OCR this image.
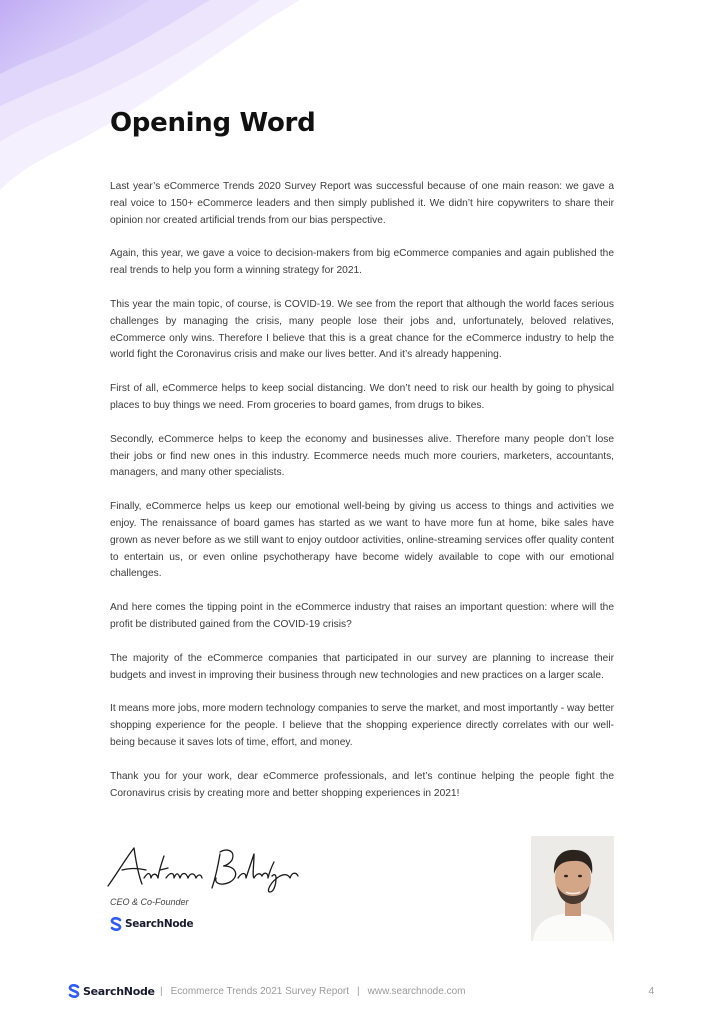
Opening Word

Last year’s eCommerce Trends 2020 Survey Report was successful because of one main reason: we gave a real voice to 150+ eCommerce leaders and then simply published it. We didn’t hire copywriters to share their opinion nor created artificial trends from our bias perspective.

Again, this year, we gave a voice to decision-makers from big eCommerce companies and again published the real trends to help you form a winning strategy for 2021.

This year the main topic, of course, is COVID-19. We see from the report that although the world faces serious challenges by managing the crisis, many people lose their jobs and, unfortunately, beloved relatives, eCommerce only wins. Therefore I believe that this is a great chance for the eCommerce industry to help the world fight the Coronavirus crisis and make our lives better. And it’s already happening.

First of all, eCommerce helps to keep social distancing. We don’t need to risk our health by going to physical places to buy things we need. From groceries to board games, from drugs to bikes.

Secondly, eCommerce helps to keep the economy and businesses alive. Therefore many people don’t lose their jobs or find new ones in this industry. Ecommerce needs much more couriers, marketers, accountants, managers, and many other specialists.

Finally, eCommerce helps us keep our emotional well-being by giving us access to things and activities we enjoy. The renaissance of board games has started as we want to have more fun at home, bike sales have grown as never before as we still want to enjoy outdoor activities, online-streaming services offer quality content to entertain us, or even online psychotherapy have become widely available to cope with our emotional challenges.

And here comes the tipping point in the eCommerce industry that raises an important question: where will the profit be distributed gained from the COVID-19 crisis?

The majority of the eCommerce companies that participated in our survey are planning to increase their budgets and invest in improving their business through new technologies and new practices on a larger scale.

It means more jobs, more modern technology companies to serve the market, and most importantly - way better shopping experience for the people. I believe that the shopping experience directly correlates with our well-being because it saves lots of time, effort, and money.

Thank you for your work, dear eCommerce professionals, and let’s continue helping the people fight the Coronavirus crisis by creating more and better shopping experiences in 2021!

CEO & Co-Founder
SearchNode
SearchNode | Ecommerce Trends 2021 Survey Report | www.searchnode.com	4
